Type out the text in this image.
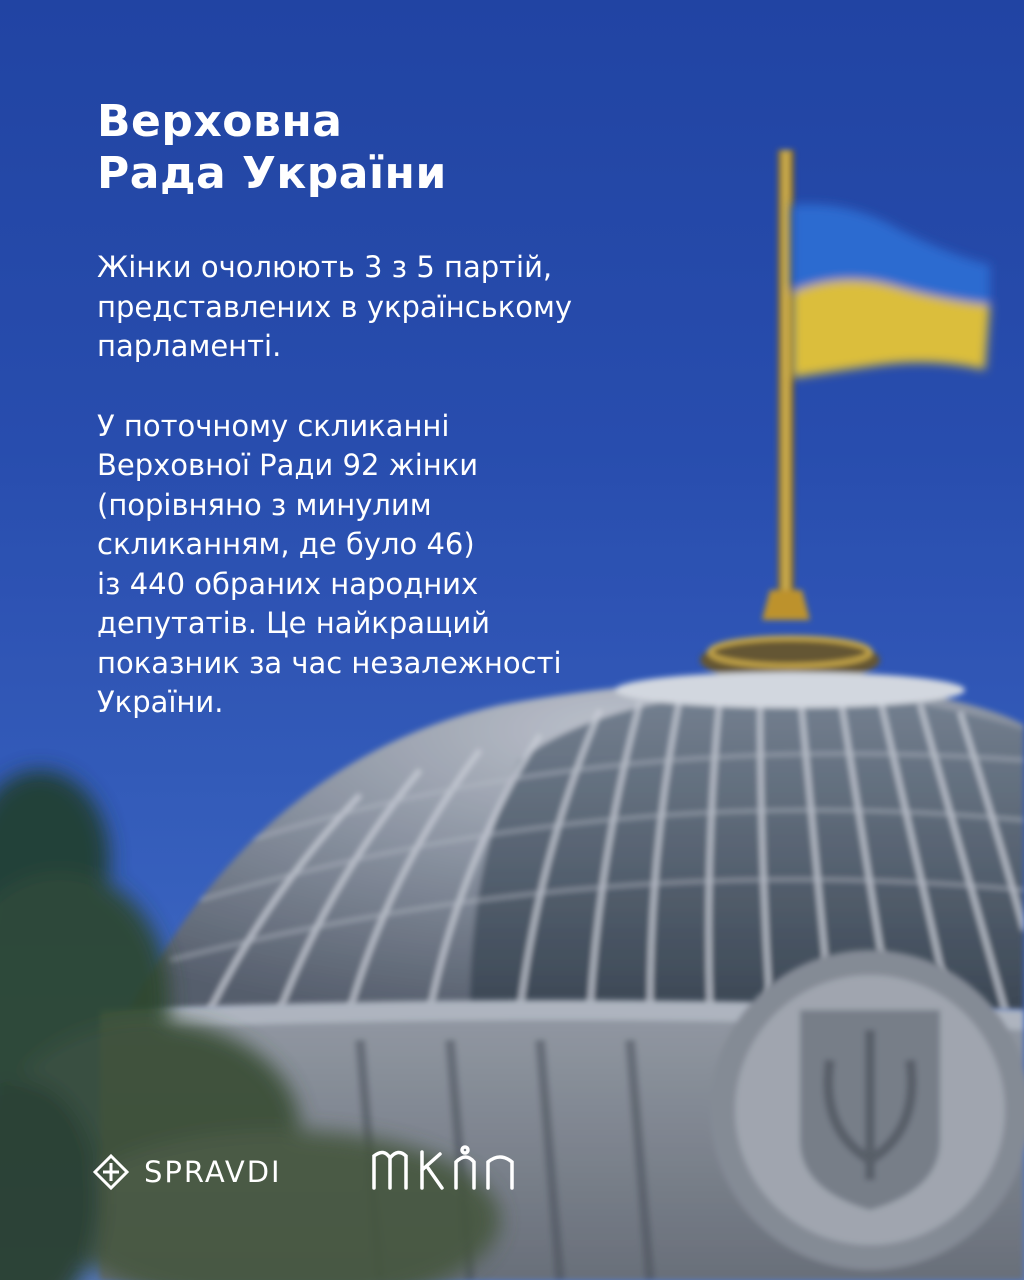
Верховна
Рада України

Жінки очолюють 3 з 5 партій,
представлених в українському
парламенті.

У поточному скликанні
Верховної Ради 92 жінки
(порівняно з минулим
скликанням, де було 46)
із 440 обраних народних
депутатів. Це найкращий
показник за час незалежності
України.

SPRAVDI
МКІП
